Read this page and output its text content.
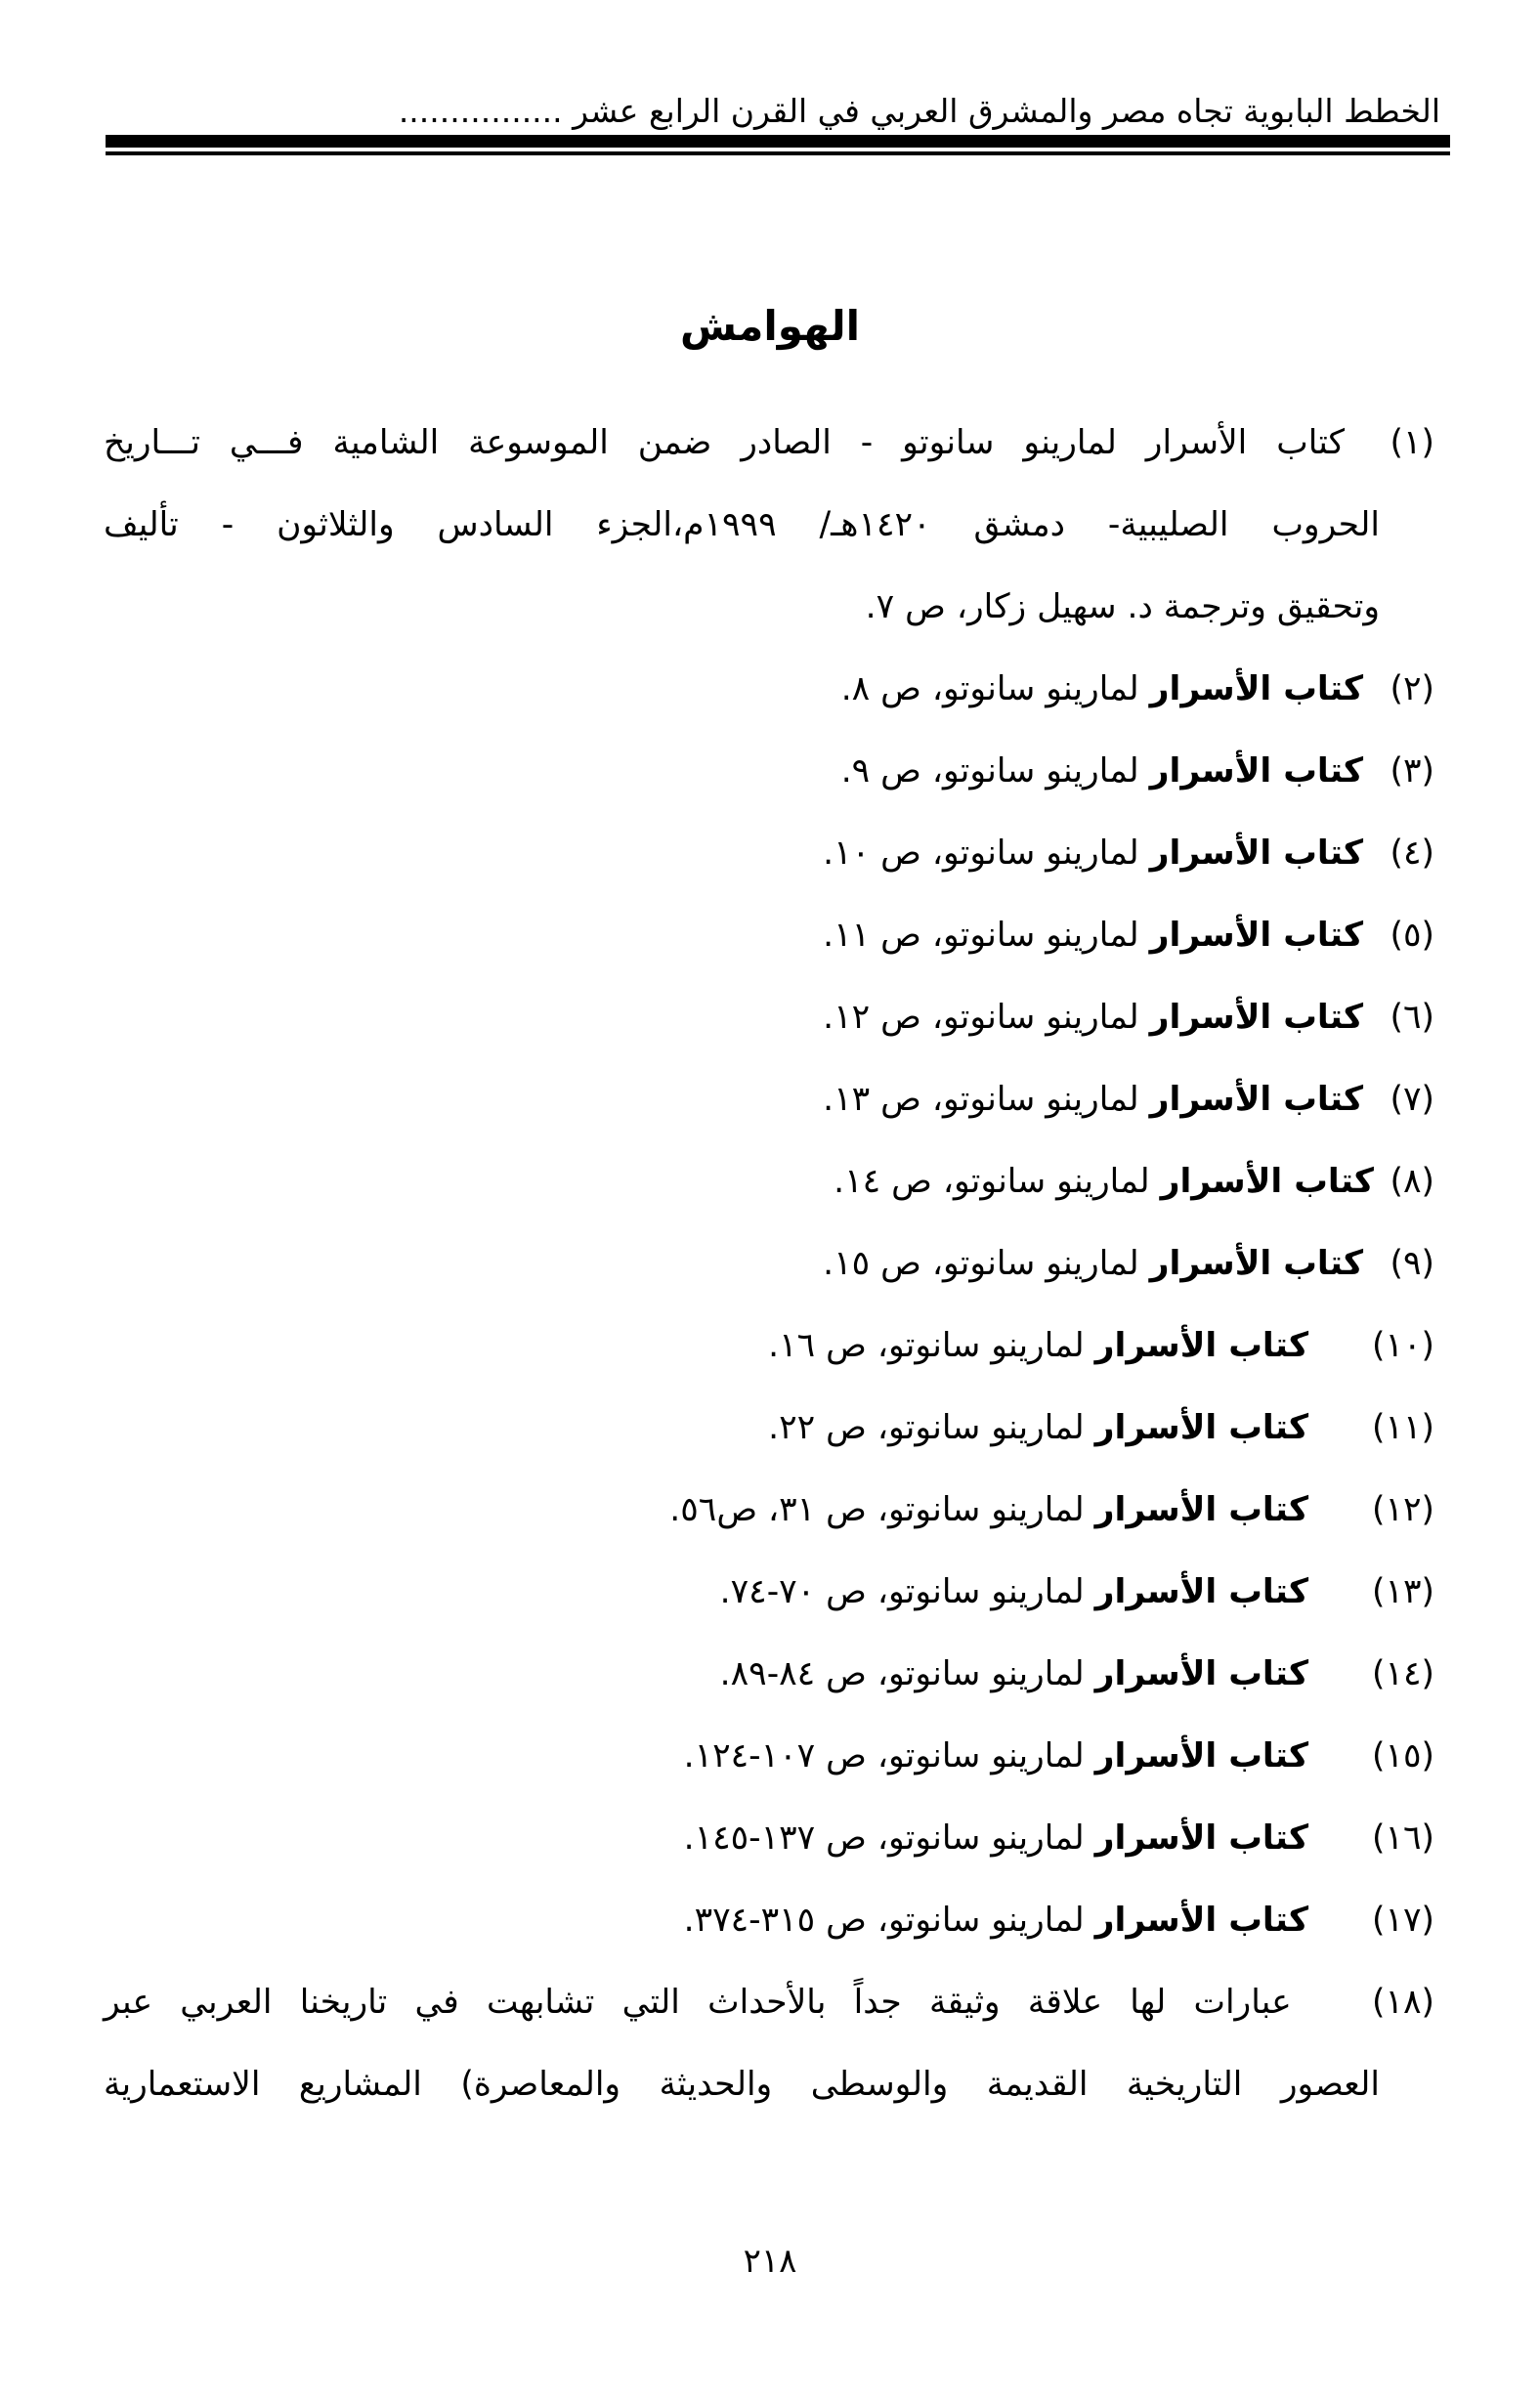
الخطط البابوية تجاه مصر والمشرق العربي في القرن الرابع عشر ................
الهوامش
(١) كتاب الأسرار لمارينو سانوتو - الصادر ضمن الموسوعة الشامية فـــي تـــاريخ
الحروب الصليبية- دمشق ١٤٢٠هـ/ ١٩٩٩م،الجزء السادس والثلاثون - تأليف
وتحقيق وترجمة د. سهيل زكار، ص ٧.
(٢) كتاب الأسرار لمارينو سانوتو، ص ٨.
(٣) كتاب الأسرار لمارينو سانوتو، ص ٩.
(٤) كتاب الأسرار لمارينو سانوتو، ص ١٠.
(٥) كتاب الأسرار لمارينو سانوتو، ص ١١.
(٦) كتاب الأسرار لمارينو سانوتو، ص ١٢.
(٧) كتاب الأسرار لمارينو سانوتو، ص ١٣.
(٨)كتاب الأسرار لمارينو سانوتو، ص ١٤.
(٩) كتاب الأسرار لمارينو سانوتو، ص ١٥.
(١٠) كتاب الأسرار لمارينو سانوتو، ص ١٦.
(١١) كتاب الأسرار لمارينو سانوتو، ص ٢٢.
(١٢) كتاب الأسرار لمارينو سانوتو، ص ٣١، ص٥٦.
(١٣) كتاب الأسرار لمارينو سانوتو، ص ٧٠-٧٤.
(١٤) كتاب الأسرار لمارينو سانوتو، ص ٨٤-٨٩.
(١٥) كتاب الأسرار لمارينو سانوتو، ص ١٠٧-١٢٤.
(١٦) كتاب الأسرار لمارينو سانوتو، ص ١٣٧-١٤٥.
(١٧) كتاب الأسرار لمارينو سانوتو، ص ٣١٥-٣٧٤.
(١٨) عبارات لها علاقة وثيقة جداً بالأحداث التي تشابهت في تاريخنا العربي عبر
العصور التاريخية القديمة والوسطى والحديثة والمعاصرة) المشاريع الاستعمارية
٢١٨
